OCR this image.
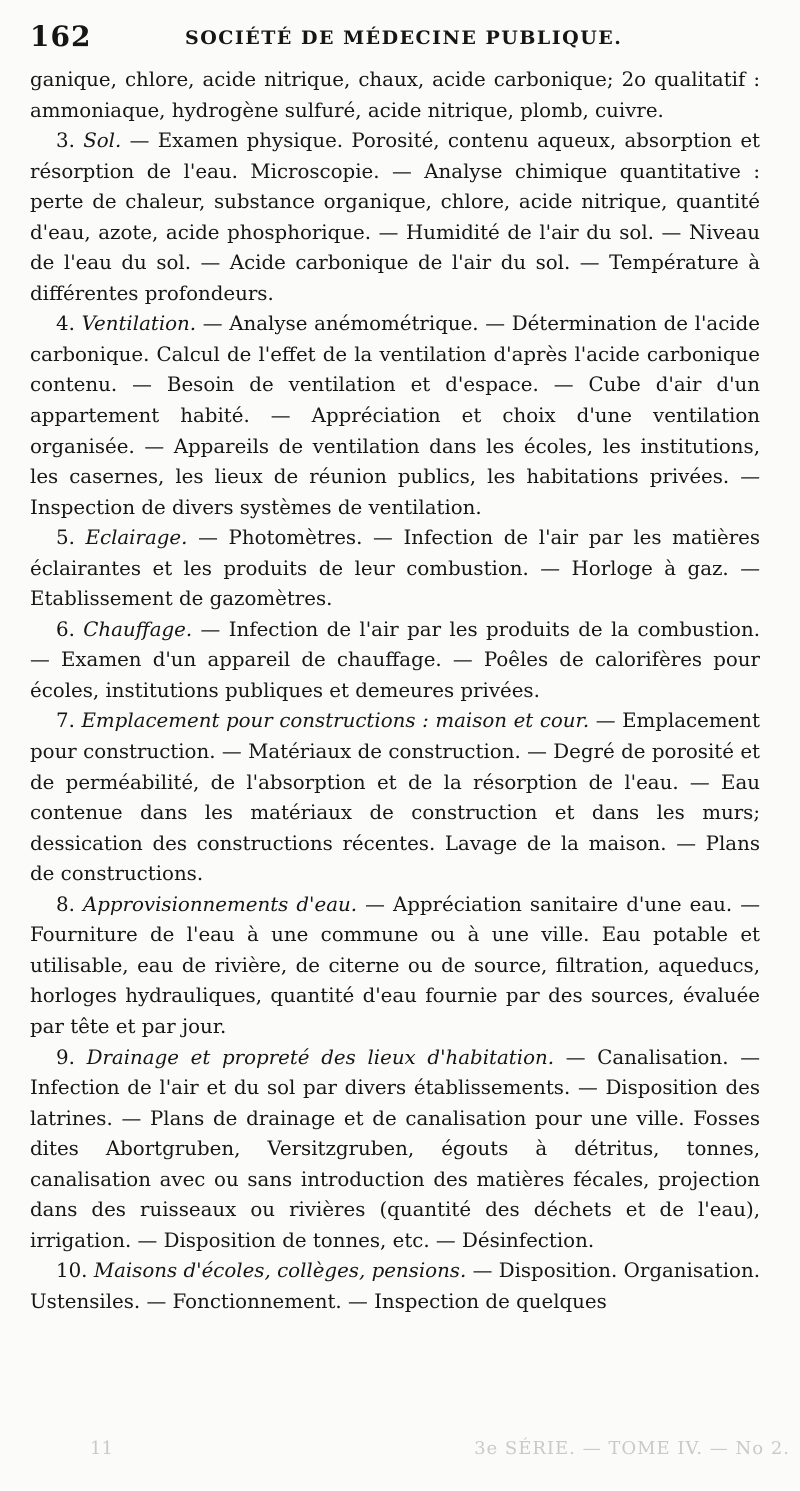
162	SOCIÉTÉ DE MÉDECINE PUBLIQUE.

ganique, chlore, acide nitrique, chaux, acide carbonique; 2o qualitatif : ammoniaque, hydrogène sulfuré, acide nitrique, plomb, cuivre.

3. Sol. — Examen physique. Porosité, contenu aqueux, absorption et résorption de l'eau. Microscopie. — Analyse chimique quantitative : perte de chaleur, substance organique, chlore, acide nitrique, quantité d'eau, azote, acide phosphorique. — Humidité de l'air du sol. — Niveau de l'eau du sol. — Acide carbonique de l'air du sol. — Température à différentes profondeurs.

4. Ventilation. — Analyse anémométrique. — Détermination de l'acide carbonique. Calcul de l'effet de la ventilation d'après l'acide carbonique contenu. — Besoin de ventilation et d'espace. — Cube d'air d'un appartement habité. — Appréciation et choix d'une ventilation organisée. — Appareils de ventilation dans les écoles, les institutions, les casernes, les lieux de réunion publics, les habitations privées. — Inspection de divers systèmes de ventilation.

5. Eclairage. — Photomètres. — Infection de l'air par les matières éclairantes et les produits de leur combustion. — Horloge à gaz. — Etablissement de gazomètres.

6. Chauffage. — Infection de l'air par les produits de la combustion. — Examen d'un appareil de chauffage. — Poêles de calorifères pour écoles, institutions publiques et demeures privées.

7. Emplacement pour constructions : maison et cour. — Emplacement pour construction. — Matériaux de construction. — Degré de porosité et de perméabilité, de l'absorption et de la résorption de l'eau. — Eau contenue dans les matériaux de construction et dans les murs; dessication des constructions récentes. Lavage de la maison. — Plans de constructions.

8. Approvisionnements d'eau. — Appréciation sanitaire d'une eau. — Fourniture de l'eau à une commune ou à une ville. Eau potable et utilisable, eau de rivière, de citerne ou de source, filtration, aqueducs, horloges hydrauliques, quantité d'eau fournie par des sources, évaluée par tête et par jour.

9. Drainage et propreté des lieux d'habitation. — Canalisation. — Infection de l'air et du sol par divers établissements. — Disposition des latrines. — Plans de drainage et de canalisation pour une ville. Fosses dites Abortgruben, Versitzgruben, égouts à détritus, tonnes, canalisation avec ou sans introduction des matières fécales, projection dans des ruisseaux ou rivières (quantité des déchets et de l'eau), irrigation. — Disposition de tonnes, etc. — Désinfection.

10. Maisons d'écoles, collèges, pensions. — Disposition. Organisation. Ustensiles. — Fonctionnement. — Inspection de quelques

11	3e SÉRIE. — TOME IV. — No 2.
